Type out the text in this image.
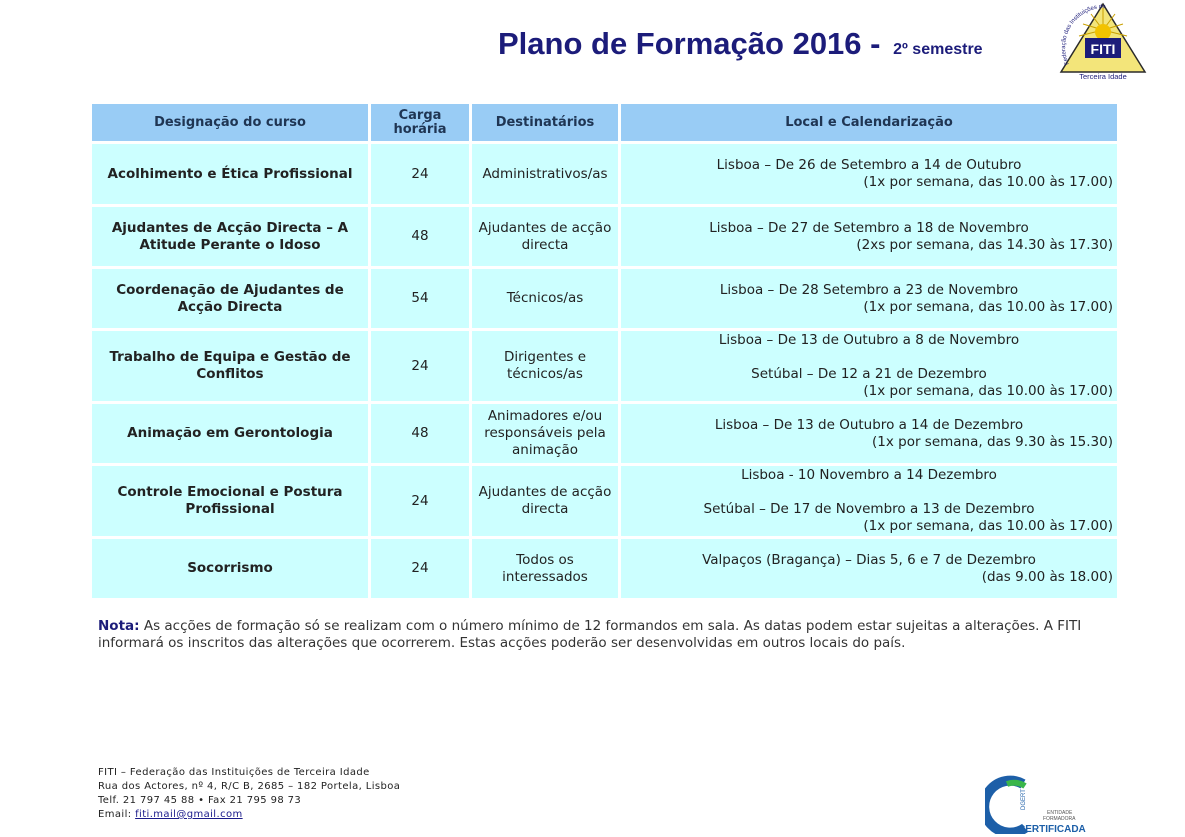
Plano de Formação 2016 - 2º semestre	FITI
Federação das Instituições de
Terceira Idade
Designação do curso	Carga horária	Destinatários	Local e Calendarização
Acolhimento e Ética Profissional	24	Administrativos/as	Lisboa – De 26 de Setembro a 14 de Outubro
(1x por semana, das 10.00 às 17.00)

Ajudantes de Acção Directa – A Atitude Perante o Idoso	48	Ajudantes de acção directa	Lisboa – De 27 de Setembro a 18 de Novembro
(2xs por semana, das 14.30 às 17.30)

Coordenação de Ajudantes de Acção Directa	54	Técnicos/as	Lisboa – De 28 Setembro a 23 de Novembro
(1x por semana, das 10.00 às 17.00)

Trabalho de Equipa e Gestão de Conflitos	24	Dirigentes e técnicos/as	Lisboa – De 13 de Outubro a 8 de Novembro
Setúbal – De 12 a 21 de Dezembro
(1x por semana, das 10.00 às 17.00)

Animação em Gerontologia	48	Animadores e/ou responsáveis pela animação	Lisboa – De 13 de Outubro a 14 de Dezembro
(1x por semana, das 9.30 às 15.30)

Controle Emocional e Postura Profissional	24	Ajudantes de acção directa	Lisboa - 10 Novembro a 14 Dezembro
Setúbal – De 17 de Novembro a 13 de Dezembro
(1x por semana, das 10.00 às 17.00)

Socorrismo	24	Todos os interessados	Valpaços (Bragança) – Dias 5, 6 e 7 de Dezembro
(das 9.00 às 18.00)
Nota: As acções de formação só se realizam com o número mínimo de 12 formandos em sala. As datas podem estar sujeitas a alterações. A FITI informará os inscritos das alterações que ocorrerem. Estas acções poderão ser desenvolvidas em outros locais do país.
FITI – Federação das Instituições de Terceira Idade
Rua dos Actores, nº 4, R/C B, 2685 – 182 Portela, Lisboa
Telf. 21 797 45 88 • Fax 21 795 98 73
Email: fiti.mail@gmail.com
DGERT
ENTIDADE
FORMADORA
CERTIFICADA
